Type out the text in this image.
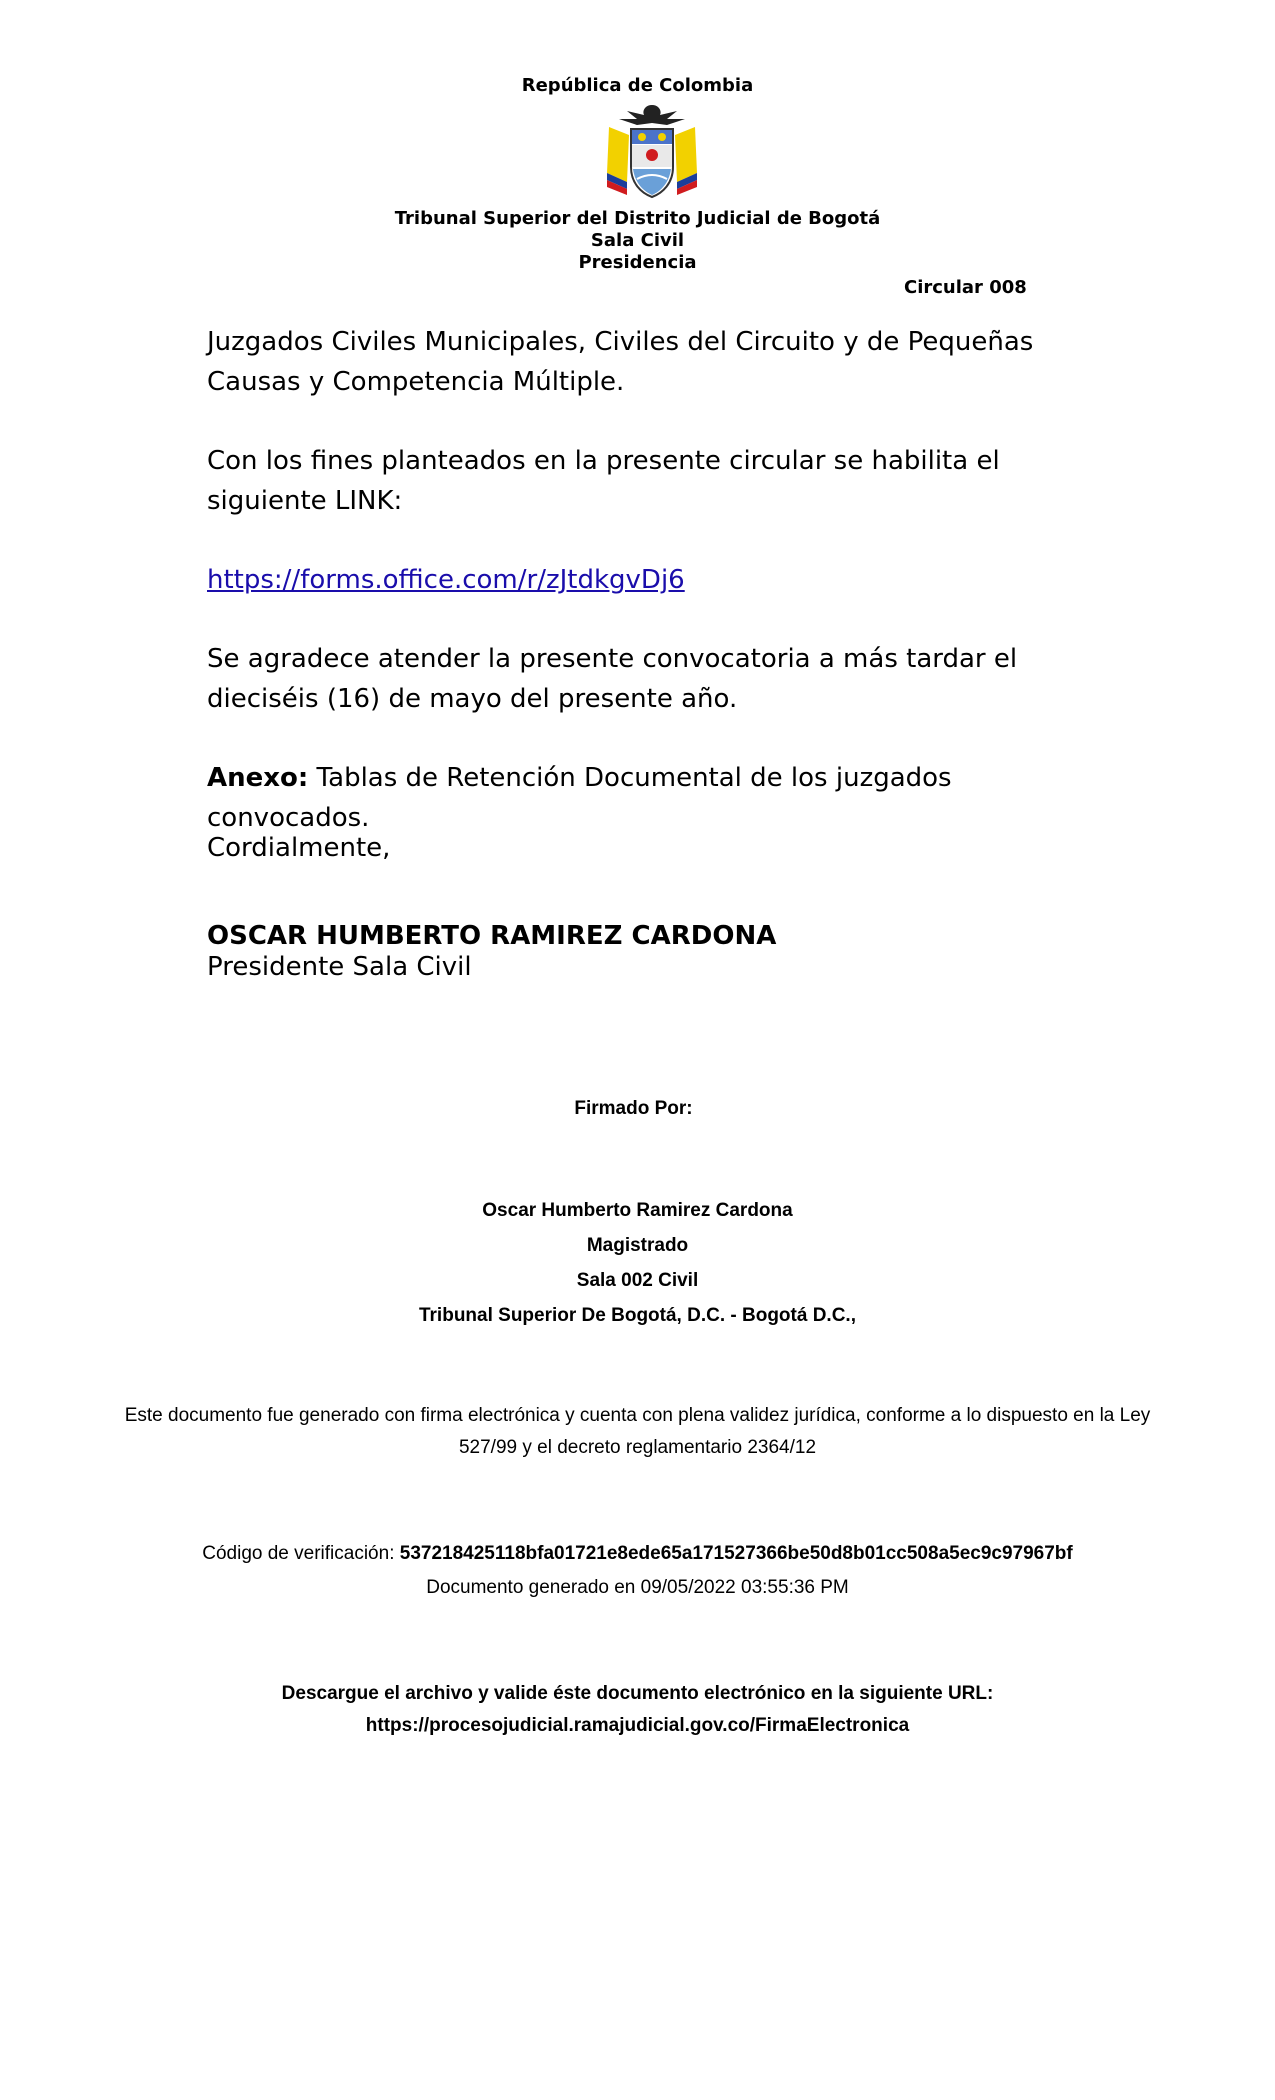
República de Colombia
Tribunal Superior del Distrito Judicial de Bogotá
Sala Civil
Presidencia
Circular 008
Juzgados Civiles Municipales, Civiles del Circuito y de Pequeñas Causas y Competencia Múltiple.
Con los fines planteados en la presente circular se habilita el siguiente LINK:
https://forms.office.com/r/zJtdkgvDj6
Se agradece atender la presente convocatoria a más tardar el dieciséis (16) de mayo del presente año.
Anexo: Tablas de Retención Documental de los juzgados convocados.
Cordialmente,
OSCAR HUMBERTO RAMIREZ CARDONA
Presidente Sala Civil
Firmado Por:
Oscar Humberto Ramirez Cardona
Magistrado
Sala 002 Civil
Tribunal Superior De Bogotá, D.C. - Bogotá D.C.,
Este documento fue generado con firma electrónica y cuenta con plena validez jurídica, conforme a lo dispuesto en la Ley
527/99 y el decreto reglamentario 2364/12
Código de verificación: 537218425118bfa01721e8ede65a171527366be50d8b01cc508a5ec9c97967bf
Documento generado en 09/05/2022 03:55:36 PM
Descargue el archivo y valide éste documento electrónico en la siguiente URL:
https://procesojudicial.ramajudicial.gov.co/FirmaElectronica
